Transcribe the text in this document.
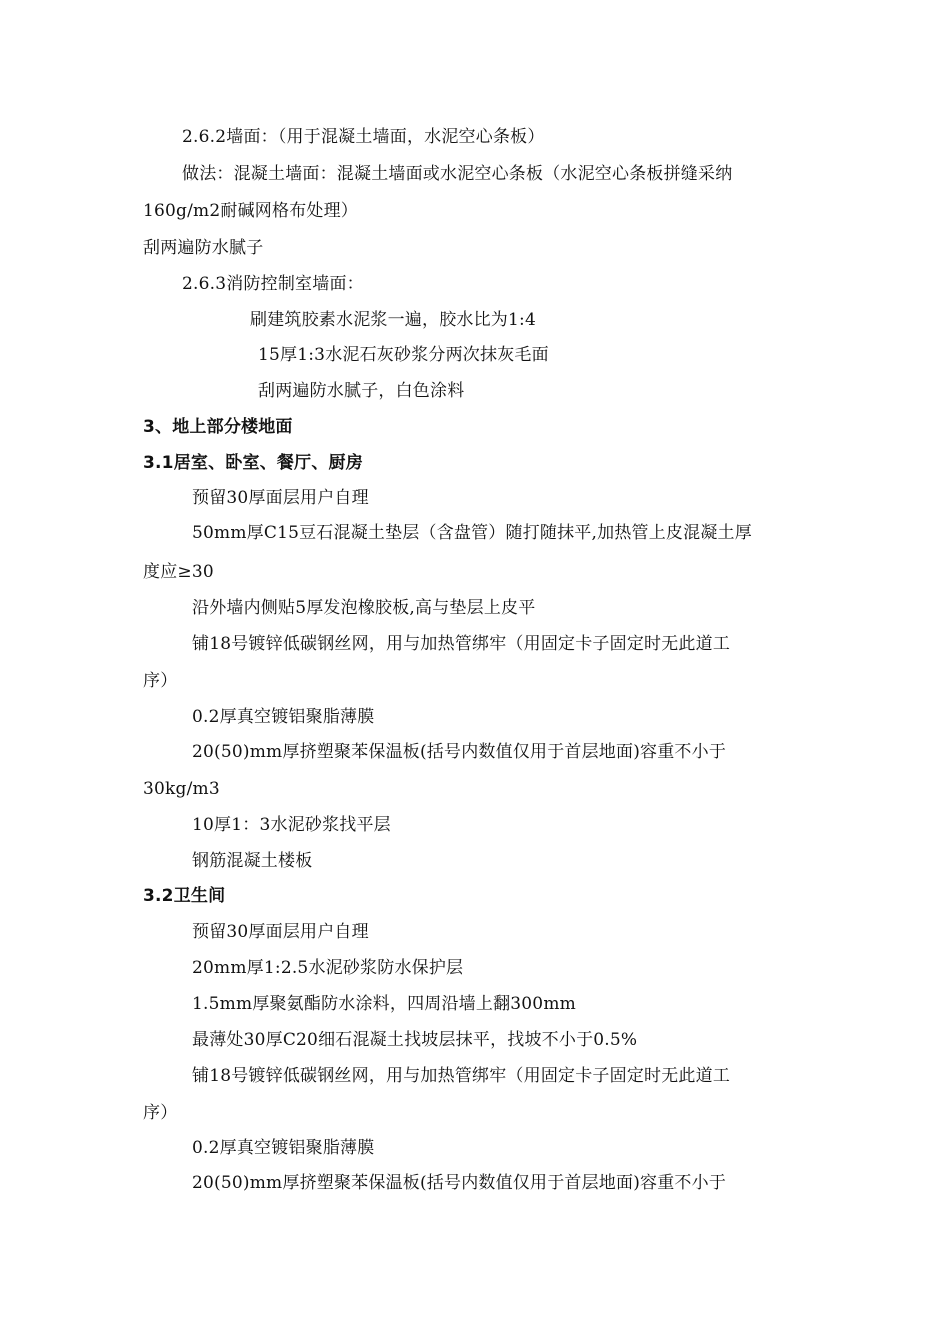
2.6.2墙面：（用于混凝土墙面，水泥空心条板）
做法：混凝土墙面：混凝土墙面或水泥空心条板（水泥空心条板拼缝采纳
160g/m2耐碱网格布处理）
刮两遍防水腻子
2.6.3消防控制室墙面：
刷建筑胶素水泥浆一遍，胶水比为1:4
15厚1:3水泥石灰砂浆分两次抹灰毛面
刮两遍防水腻子，白色涂料
3、地上部分楼地面
3.1居室、卧室、餐厅、厨房
预留30厚面层用户自理
50mm厚C15豆石混凝土垫层（含盘管）随打随抹平,加热管上皮混凝土厚
度应≥30
沿外墙内侧贴5厚发泡橡胶板,高与垫层上皮平
铺18号镀锌低碳钢丝网，用与加热管绑牢（用固定卡子固定时无此道工
序）
0.2厚真空镀铝聚脂薄膜
20(50)mm厚挤塑聚苯保温板(括号内数值仅用于首层地面)容重不小于
30kg/m3
10厚1：3水泥砂浆找平层
钢筋混凝土楼板
3.2卫生间
预留30厚面层用户自理
20mm厚1:2.5水泥砂浆防水保护层
1.5mm厚聚氨酯防水涂料，四周沿墙上翻300mm
最薄处30厚C20细石混凝土找坡层抹平，找坡不小于0.5%
铺18号镀锌低碳钢丝网，用与加热管绑牢（用固定卡子固定时无此道工
序）
0.2厚真空镀铝聚脂薄膜
20(50)mm厚挤塑聚苯保温板(括号内数值仅用于首层地面)容重不小于
